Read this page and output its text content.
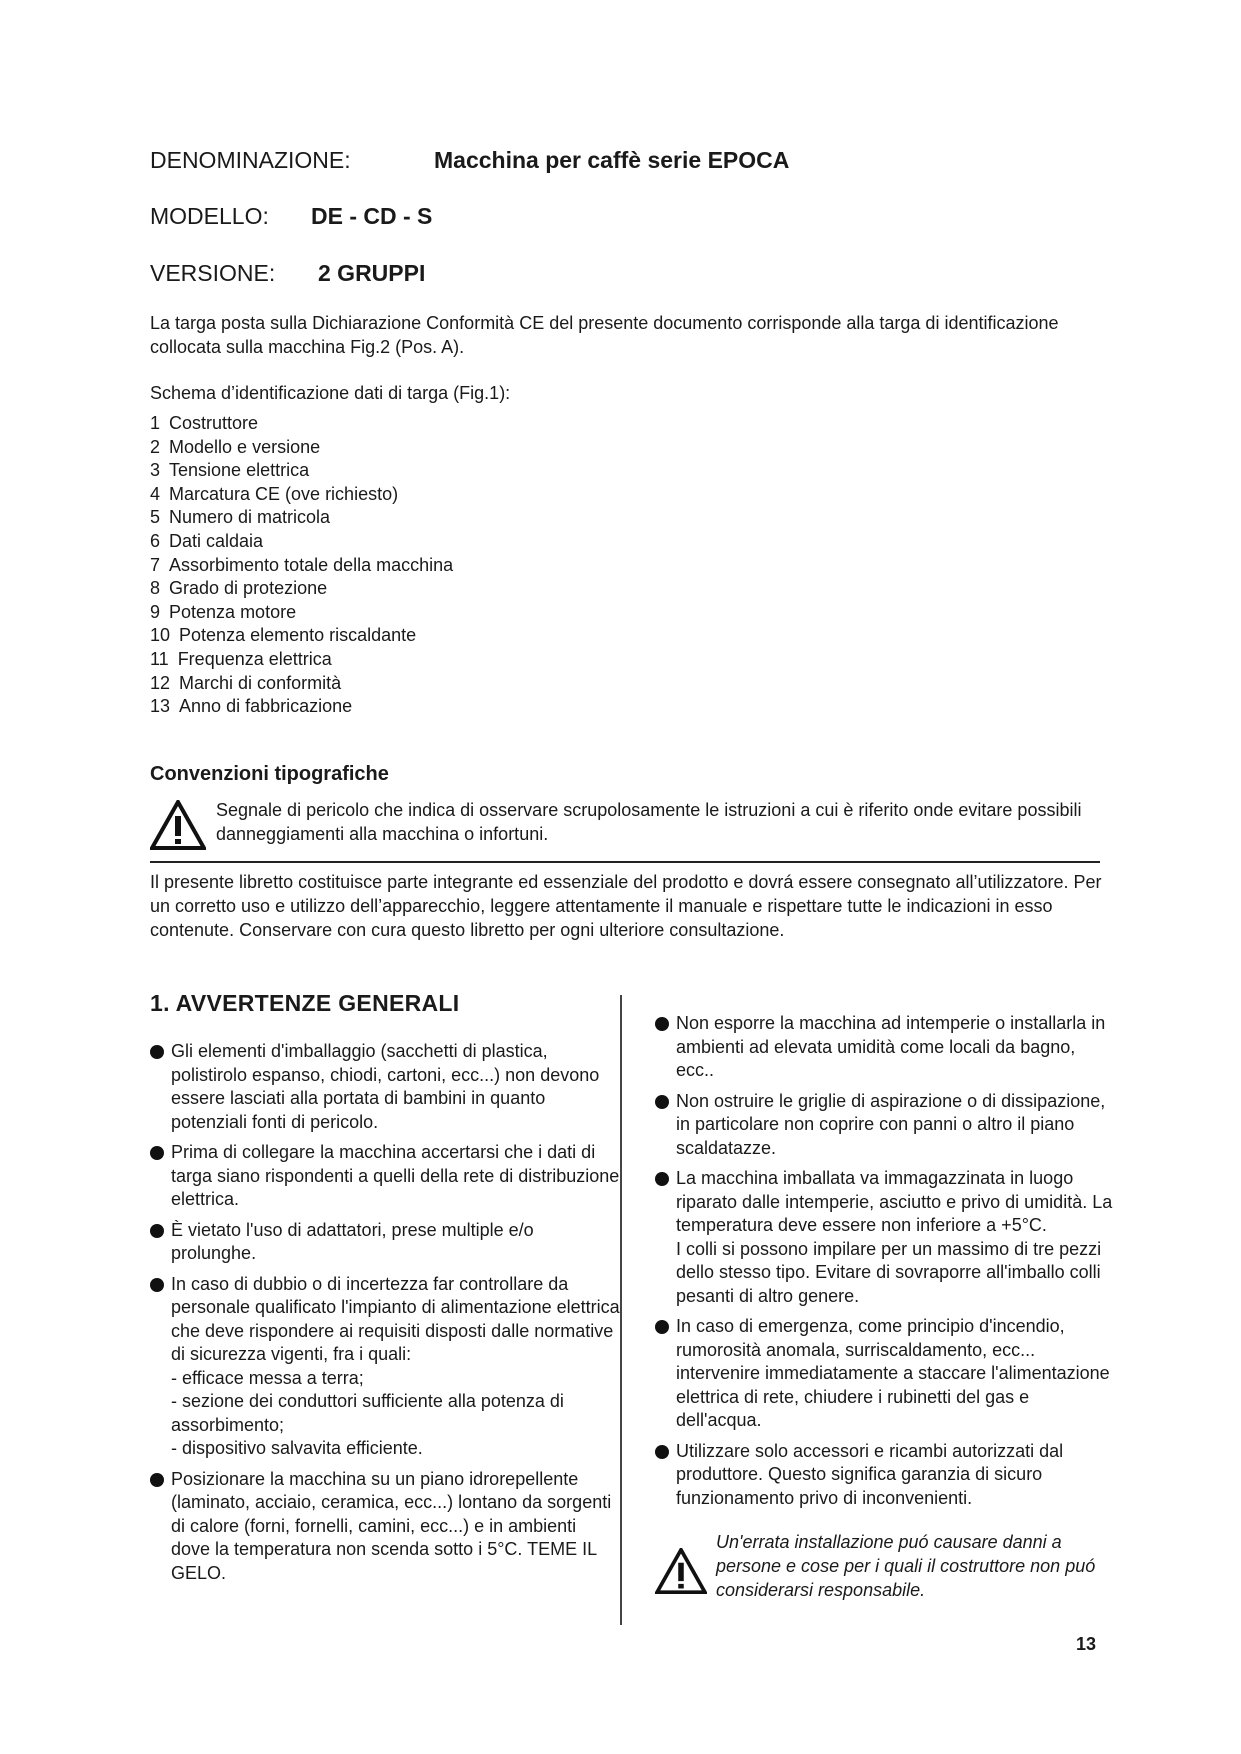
DENOMINAZIONE:	Macchina per caffè serie EPOCA
MODELLO: DE - CD - S
VERSIONE: 2 GRUPPI
La targa posta sulla Dichiarazione Conformità CE del presente documento corrisponde alla targa di identificazione collocata sulla macchina Fig.2 (Pos. A).
Schema d’identificazione dati di targa (Fig.1):
1 Costruttore
2 Modello e versione
3 Tensione elettrica
4 Marcatura CE (ove richiesto)
5 Numero di matricola
6 Dati caldaia
7 Assorbimento totale della macchina
8 Grado di protezione
9 Potenza motore
10 Potenza elemento riscaldante
11 Frequenza elettrica
12 Marchi di conformità
13 Anno di fabbricazione
Convenzioni tipografiche
Segnale di pericolo che indica di osservare scrupolosamente le istruzioni a cui è riferito onde evitare possibili danneggiamenti alla macchina o infortuni.
Il presente libretto costituisce parte integrante ed essenziale del prodotto e dovrá essere consegnato all’utilizzatore. Per un corretto uso e utilizzo dell’apparecchio, leggere attentamente il manuale e rispettare tutte le indicazioni in esso contenute. Conservare con cura questo libretto per ogni ulteriore consultazione.
1. AVVERTENZE GENERALI

Gli elementi d'imballaggio (sacchetti di plastica, polistirolo espanso, chiodi, cartoni, ecc...) non devono essere lasciati alla portata di bambini in quanto potenziali fonti di pericolo.

Prima di collegare la macchina accertarsi che i dati di targa siano rispondenti a quelli della rete di distribuzione elettrica.

È vietato l'uso di adattatori, prese multiple e/o prolunghe.

In caso di dubbio o di incertezza far controllare da personale qualificato l'impianto di alimentazione elettrica che deve rispondere ai requisiti disposti dalle normative di sicurezza vigenti, fra i quali:

- efficace messa a terra;
- sezione dei conduttori sufficiente alla potenza di assorbimento;
- dispositivo salvavita efficiente.

Posizionare la macchina su un piano idrorepellente (laminato, acciaio, ceramica, ecc...) lontano da sorgenti di calore (forni, fornelli, camini, ecc...) e in ambienti dove la temperatura non scenda sotto i 5°C. TEME IL GELO.

Non esporre la macchina ad intemperie o installarla in ambienti ad elevata umidità come locali da bagno, ecc..

Non ostruire le griglie di aspirazione o di dissipazione, in particolare non coprire con panni o altro il piano scaldatazze.

La macchina imballata va immagazzinata in luogo riparato dalle intemperie, asciutto e privo di umidità. La temperatura deve essere non inferiore a +5°C.

I colli si possono impilare per un massimo di tre pezzi dello stesso tipo. Evitare di sovraporre all'imballo colli pesanti di altro genere.

In caso di emergenza, come principio d'incendio, rumorosità anomala, surriscaldamento, ecc... intervenire immediatamente a staccare l'alimentazione elettrica di rete, chiudere i rubinetti del gas e dell'acqua.

Utilizzare solo accessori e ricambi autorizzati dal produttore. Questo significa garanzia di sicuro funzionamento privo di inconvenienti.

Un'errata installazione puó causare danni a persone e cose per i quali il costruttore non puó considerarsi responsabile.
13
